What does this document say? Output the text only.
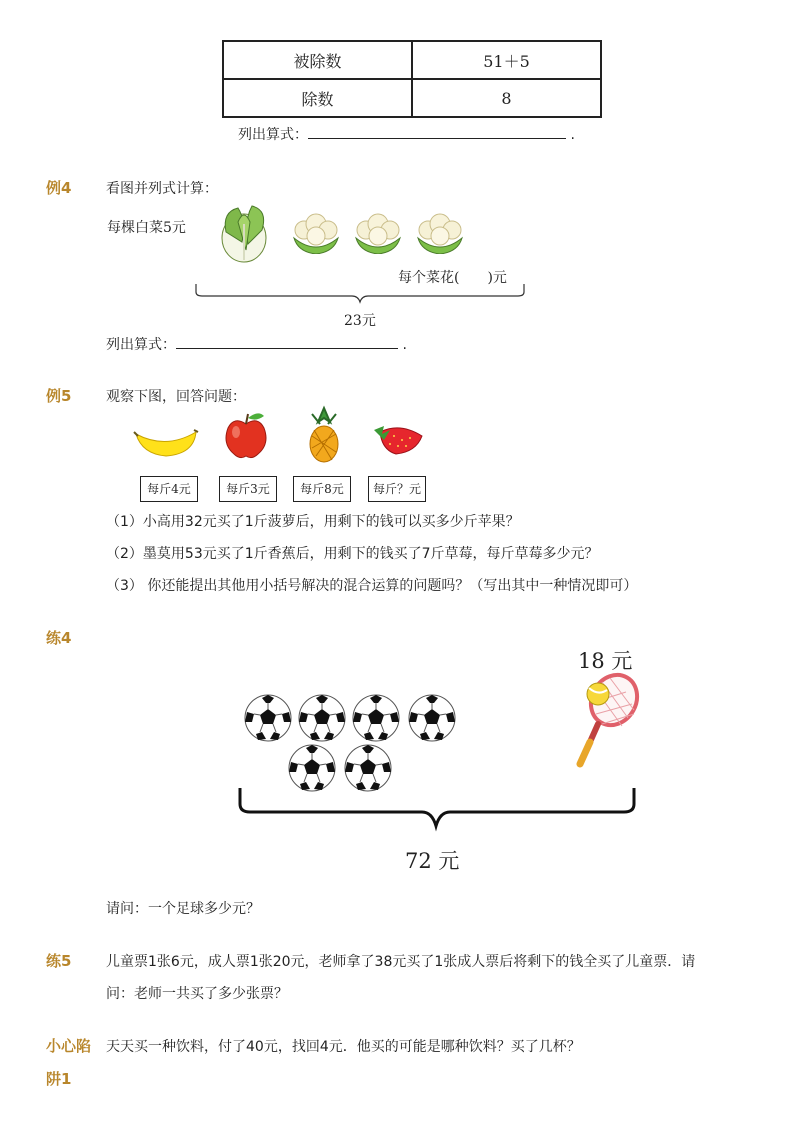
被除数	51＋5
除数	8
列出算式：	.
例4 看图并列式计算：
每棵白菜5元
每个菜花(　　)元
23元
列出算式：	.
例5 观察下图，回答问题：
每斤4元	每斤3元	每斤8元	每斤？元
（1）小高用32元买了1斤菠萝后，用剩下的钱可以买多少斤苹果？
（2）墨莫用53元买了1斤香蕉后，用剩下的钱买了7斤草莓，每斤草莓多少元？
（3） 你还能提出其他用小括号解决的混合运算的问题吗？（写出其中一种情况即可）
练4
18 元
72 元
请问：一个足球多少元？
练5 儿童票1张6元，成人票1张20元，老师拿了38元买了1张成人票后将剩下的钱全买了儿童票．请
问：老师一共买了多少张票？
小心陷
阱1
天天买一种饮料，付了40元，找回4元．他买的可能是哪种饮料？买了几杯？
